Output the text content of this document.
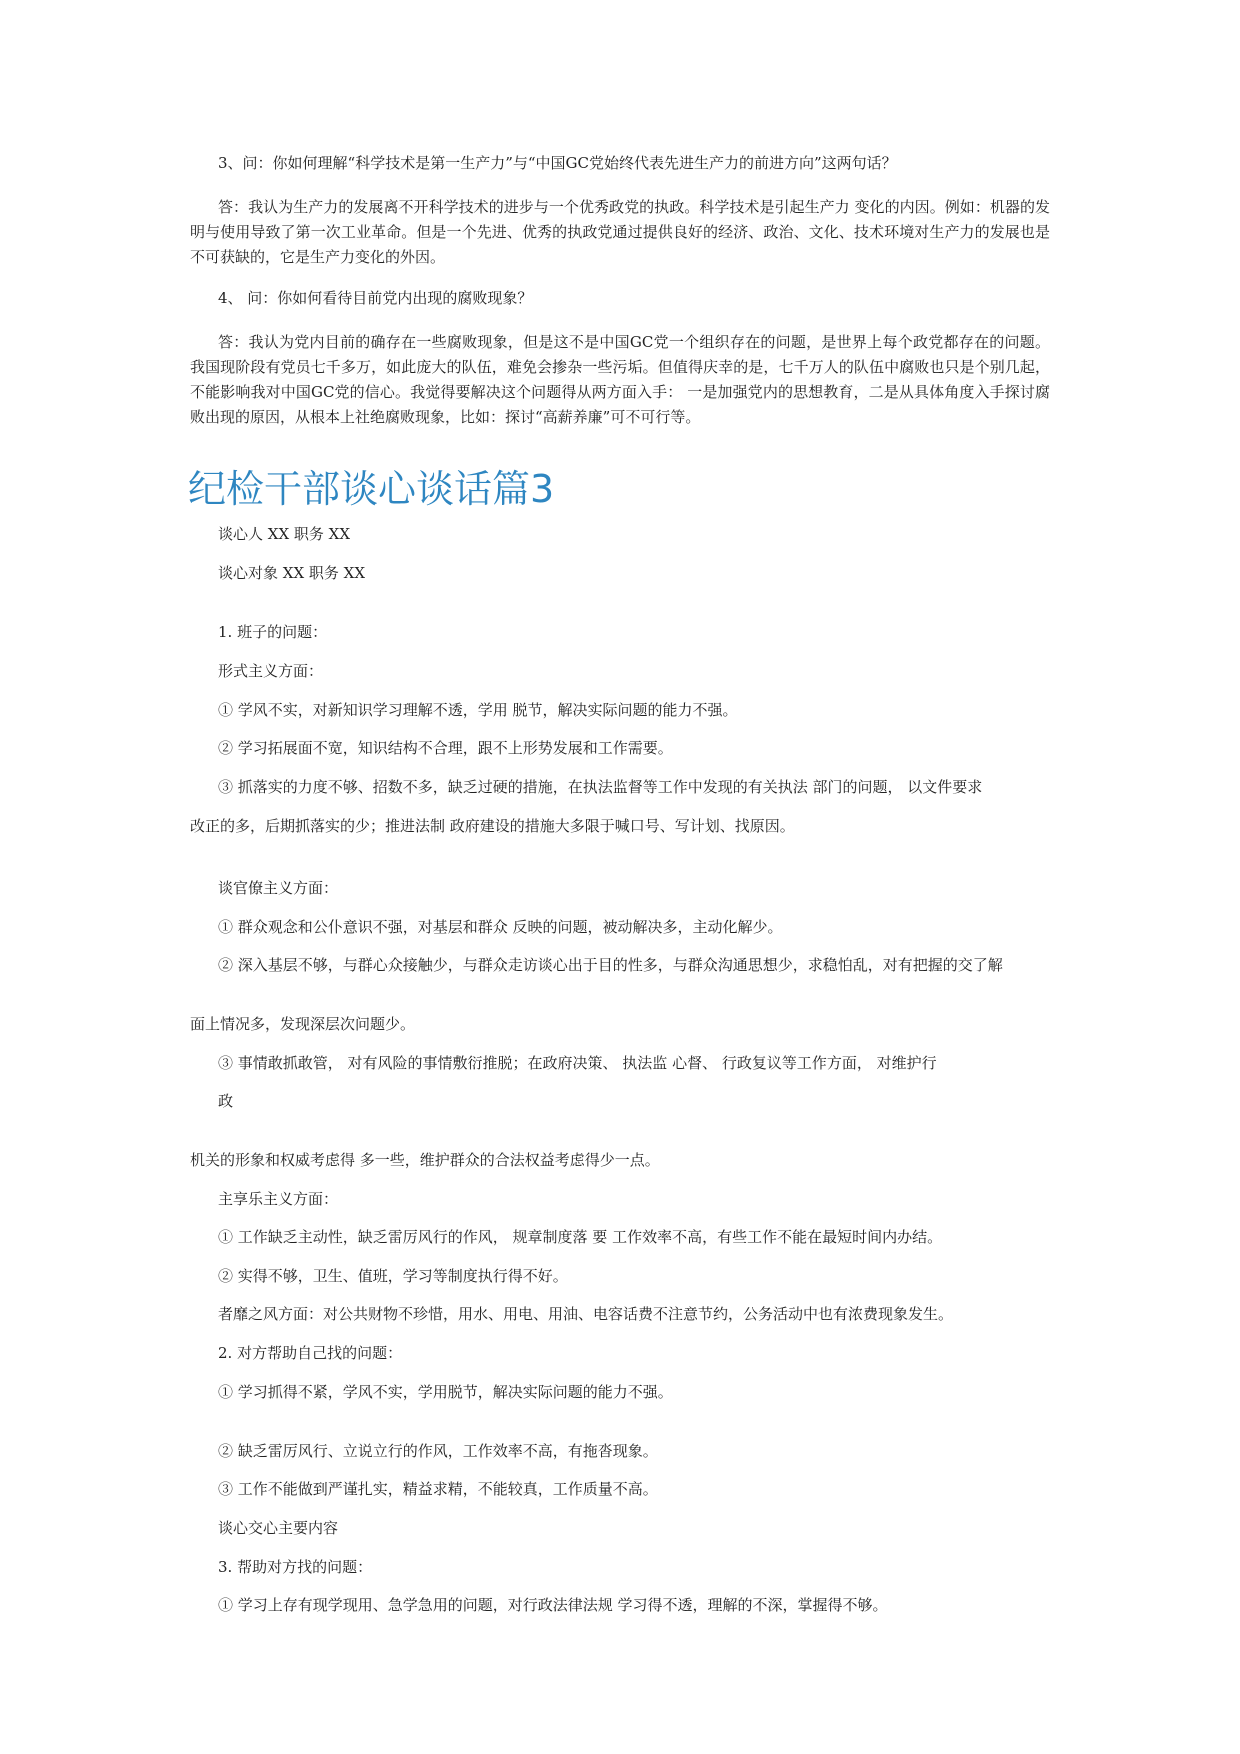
3、问：你如何理解“科学技术是第一生产力”与“中国GC党始终代表先进生产力的前进方向”这两句话？
答：我认为生产力的发展离不开科学技术的进步与一个优秀政党的执政。科学技术是引起生产力 变化的内因。例如：机器的发明与使用导致了第一次工业革命。但是一个先进、优秀的执政党通过提供良好的经济、政治、文化、技术环境对生产力的发展也是不可获缺的，它是生产力变化的外因。
4、 问：你如何看待目前党内出现的腐败现象？
答：我认为党内目前的确存在一些腐败现象，但是这不是中国GC党一个组织存在的问题，是世界上每个政党都存在的问题。我国现阶段有党员七千多万，如此庞大的队伍，难免会掺杂一些污垢。但值得庆幸的是，七千万人的队伍中腐败也只是个别几起，不能影响我对中国GC党的信心。我觉得要解决这个问题得从两方面入手： 一是加强党内的思想教育，二是从具体角度入手探讨腐败出现的原因，从根本上社绝腐败现象，比如：探讨“高薪养廉”可不可行等。
纪检干部谈心谈话篇3
谈心人 XX 职务 XX
谈心对象 XX 职务 XX
1. 班子的问题：
形式主义方面：
① 学风不实，对新知识学习理解不透，学用 脱节，解决实际问题的能力不强。
② 学习拓展面不宽，知识结构不合理，跟不上形势发展和工作需要。
③ 抓落实的力度不够、招数不多，缺乏过硬的措施，在执法监督等工作中发现的有关执法 部门的问题， 以文件要求
改正的多，后期抓落实的少；推进法制 政府建设的措施大多限于喊口号、写计划、找原因。
谈官僚主义方面：
① 群众观念和公仆意识不强，对基层和群众 反映的问题，被动解决多，主动化解少。
② 深入基层不够，与群心众接触少，与群众走访谈心出于目的性多，与群众沟通思想少，求稳怕乱，对有把握的交了解
面上情况多，发现深层次问题少。
③ 事情敢抓敢管， 对有风险的事情敷衍推脱；在政府决策、 执法监 心督、 行政复议等工作方面， 对维护行
政
机关的形象和权威考虑得 多一些，维护群众的合法权益考虑得少一点。
主享乐主义方面：
① 工作缺乏主动性，缺乏雷厉风行的作风， 规章制度落 要 工作效率不高，有些工作不能在最短时间内办结。
② 实得不够，卫生、值班，学习等制度执行得不好。
者靡之风方面：对公共财物不珍惜，用水、用电、用油、电容话费不注意节约，公务活动中也有浓费现象发生。
2. 对方帮助自己找的问题：
① 学习抓得不紧，学风不实，学用脱节，解决实际问题的能力不强。
② 缺乏雷厉风行、立说立行的作风，工作效率不高，有拖沓现象。
③ 工作不能做到严谨扎实，精益求精，不能较真，工作质量不高。
谈心交心主要内容
3. 帮助对方找的问题：
① 学习上存有现学现用、急学急用的问题，对行政法律法规 学习得不透，理解的不深，掌握得不够。
